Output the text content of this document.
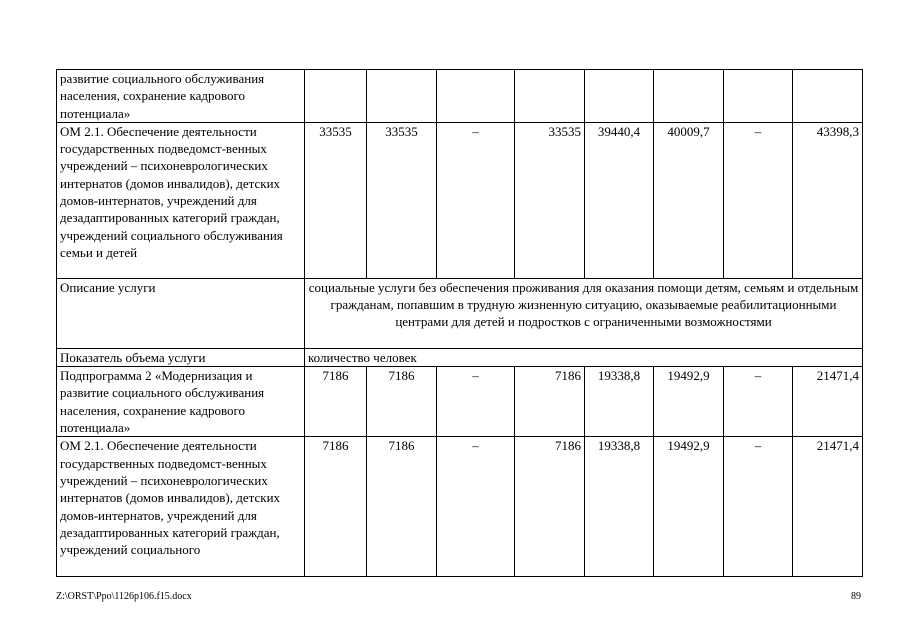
развитие социального обслуживания населения, сохранение кадрового потенциала»								
ОМ 2.1. Обеспечение деятельности государственных подведомст-венных учреждений – психоневрологических интернатов (домов инвалидов), детских домов-интернатов, учреждений для дезадаптированных категорий граждан, учреждений социального обслуживания семьи и детей	33535	33535	–	33535	39440,4	40009,7	–	43398,3
Описание услуги	социальные услуги без обеспечения проживания для оказания помощи детям, семьям и отдельным гражданам, попавшим в трудную жизненную ситуацию, оказываемые реабилитационными центрами для детей и подростков с ограниченными возможностями							
Показатель объема услуги	количество человек							
Подпрограмма 2 «Модернизация и развитие социального обслуживания населения, сохранение кадрового потенциала»	7186	7186	–	7186	19338,8	19492,9	–	21471,4
ОМ 2.1. Обеспечение деятельности государственных подведомст-венных учреждений – психоневрологических интернатов (домов инвалидов), детских домов-интернатов, учреждений для дезадаптированных категорий граждан, учреждений социального	7186	7186	–	7186	19338,8	19492,9	–	21471,4
Z:\ORST\Ppo\1126p106.f15.docx	89
